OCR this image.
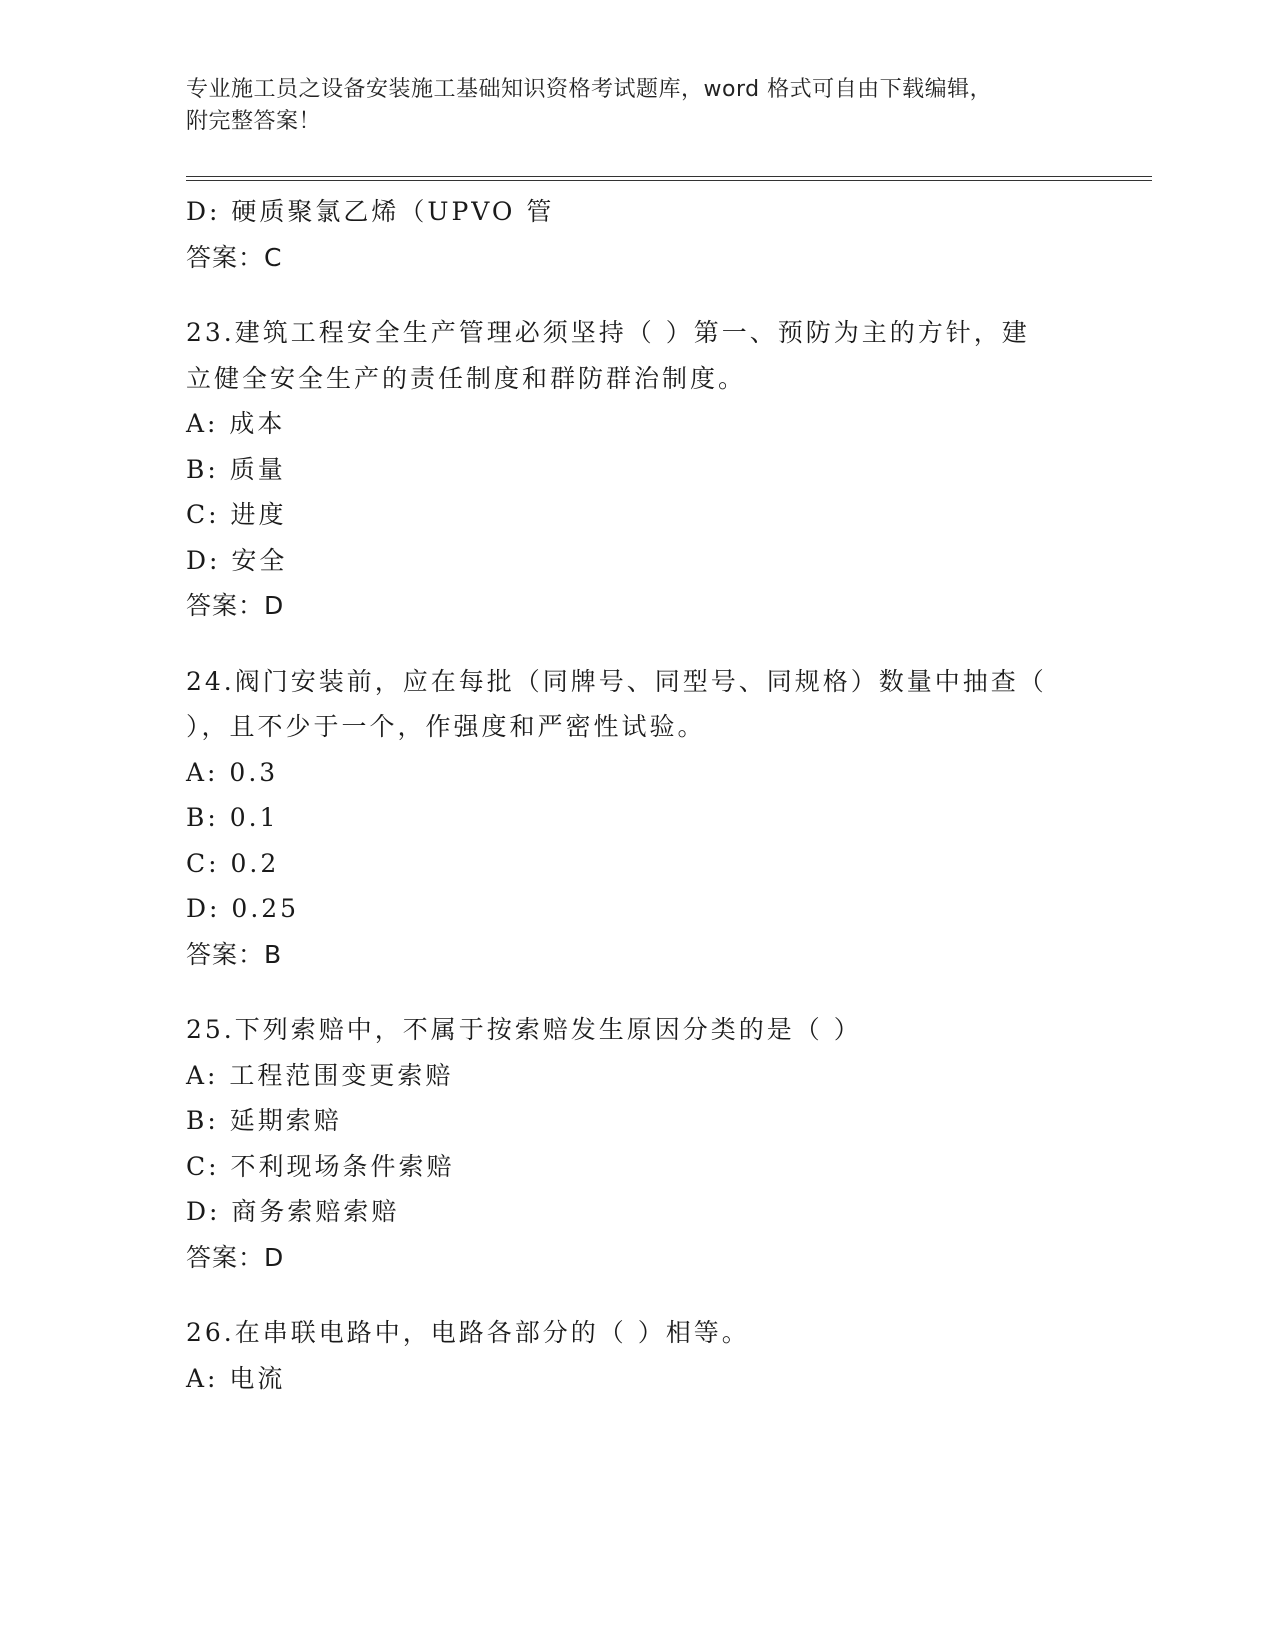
专业施工员之设备安装施工基础知识资格考试题库，word 格式可自由下载编辑，
附完整答案！
D: 硬质聚氯乙烯（UPVO 管
答案：C
23.建筑工程安全生产管理必须坚持（ ）第一、预防为主的方针，建
立健全安全生产的责任制度和群防群治制度。
A: 成本
B: 质量
C: 进度
D: 安全
答案：D
24.阀门安装前，应在每批（同牌号、同型号、同规格）数量中抽查（
），且不少于一个，作强度和严密性试验。
A: 0.3
B: 0.1
C: 0.2
D: 0.25
答案：B
25.下列索赔中，不属于按索赔发生原因分类的是（ ）
A: 工程范围变更索赔
B: 延期索赔
C: 不利现场条件索赔
D: 商务索赔索赔
答案：D
26.在串联电路中，电路各部分的（ ）相等。
A: 电流
